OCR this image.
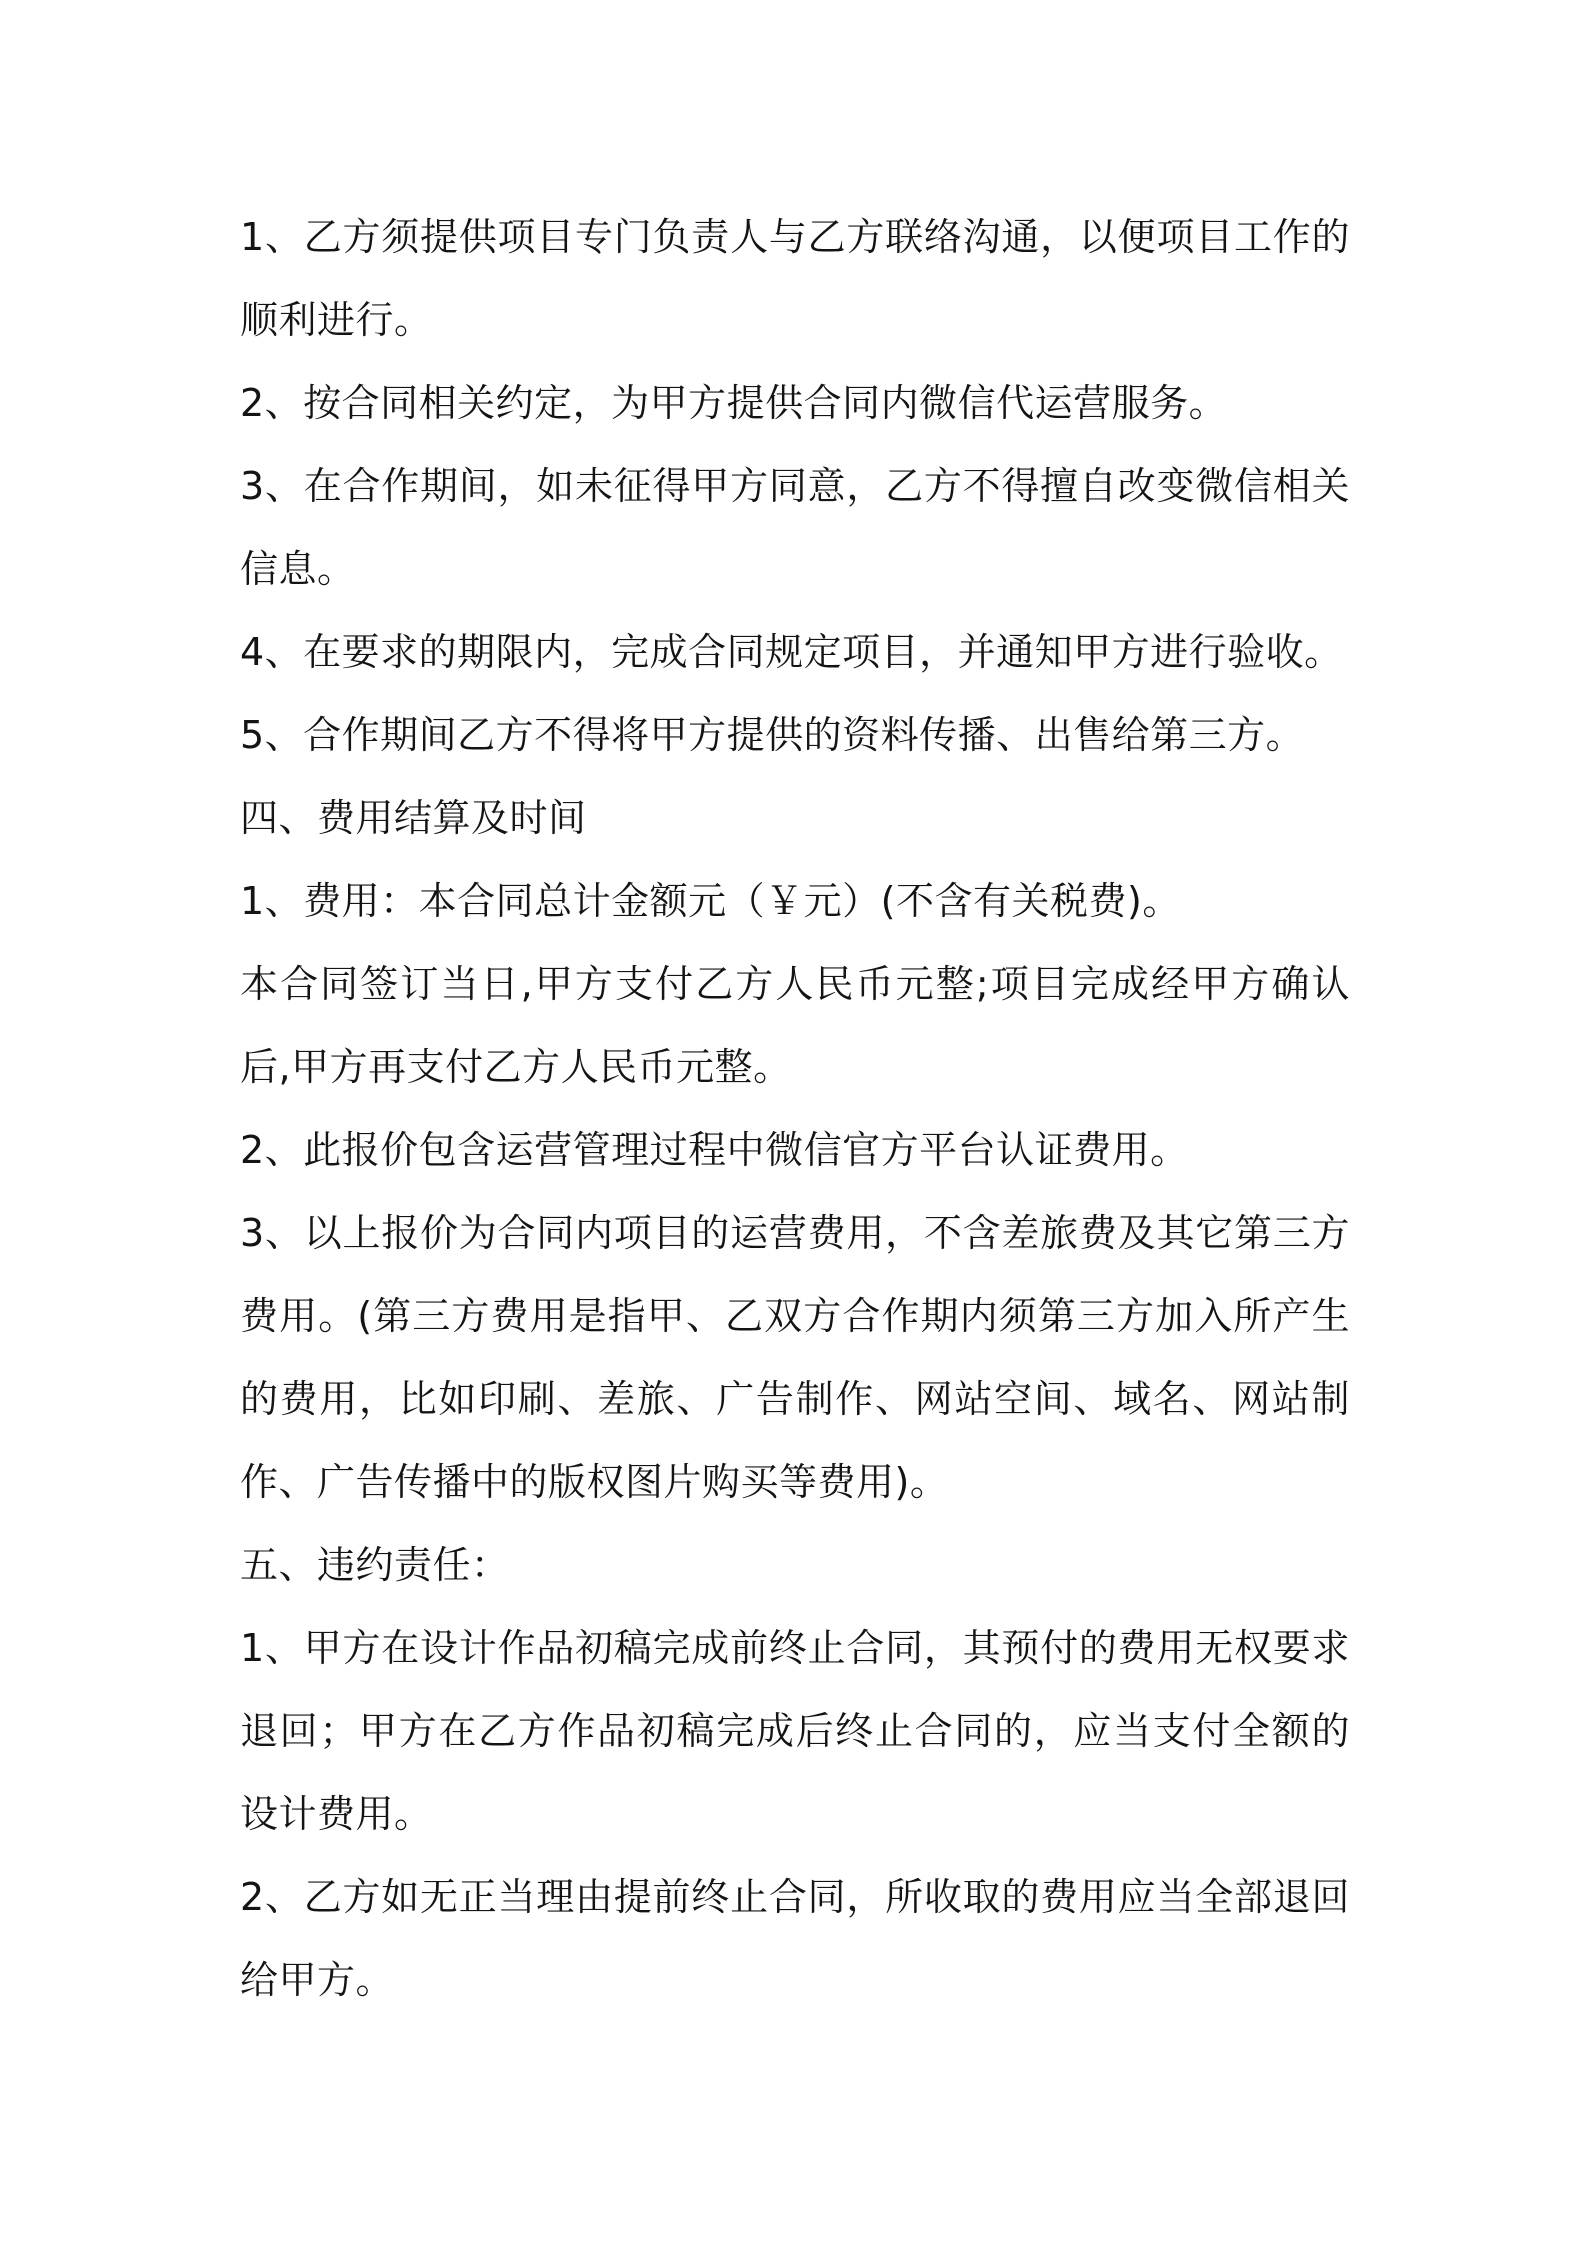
1、乙方须提供项目专门负责人与乙方联络沟通，以便项目工作的顺利进行。

2、按合同相关约定，为甲方提供合同内微信代运营服务。

3、在合作期间，如未征得甲方同意，乙方不得擅自改变微信相关信息。

4、在要求的期限内，完成合同规定项目，并通知甲方进行验收。

5、合作期间乙方不得将甲方提供的资料传播、出售给第三方。

四、费用结算及时间

1、费用：本合同总计金额元（￥元）(不含有关税费)。

本合同签订当日,甲方支付乙方人民币元整;项目完成经甲方确认后,甲方再支付乙方人民币元整。

2、此报价包含运营管理过程中微信官方平台认证费用。

3、以上报价为合同内项目的运营费用，不含差旅费及其它第三方费用。(第三方费用是指甲、乙双方合作期内须第三方加入所产生的费用，比如印刷、差旅、广告制作、网站空间、域名、网站制作、广告传播中的版权图片购买等费用)。

五、违约责任：

1、甲方在设计作品初稿完成前终止合同，其预付的费用无权要求退回；甲方在乙方作品初稿完成后终止合同的，应当支付全额的设计费用。

2、乙方如无正当理由提前终止合同，所收取的费用应当全部退回给甲方。
